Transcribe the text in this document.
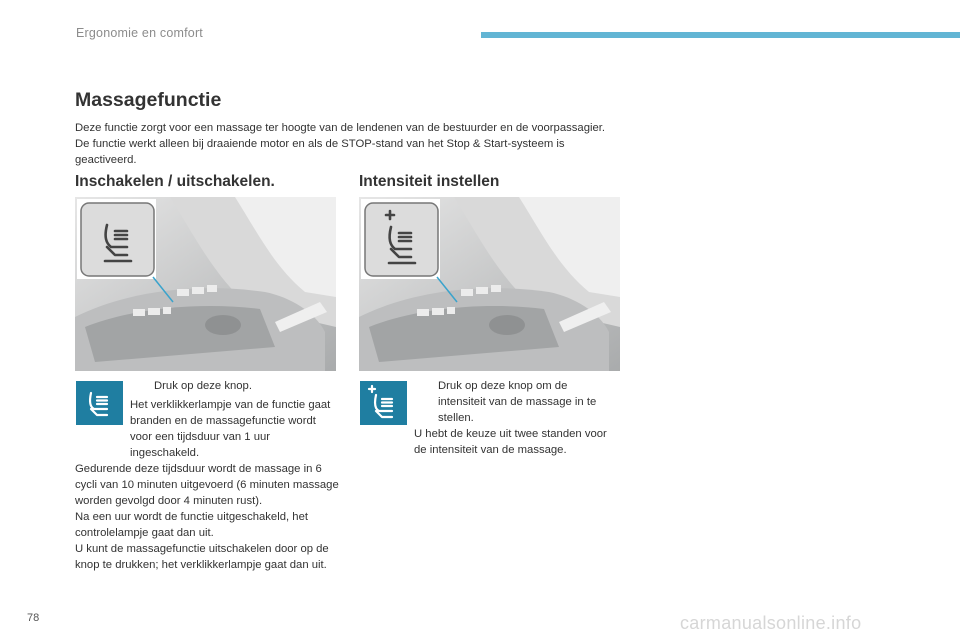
Ergonomie en comfort
Massagefunctie

Deze functie zorgt voor een massage ter hoogte van de lendenen van de bestuurder en de voorpassagier. De functie werkt alleen bij draaiende motor en als de STOP-stand van het Stop & Start-systeem is geactiveerd.

Inschakelen / uitschakelen.	Intensiteit instellen

Druk op deze knop.

Het verklikkerlampje van de functie gaat branden en de massagefunctie wordt voor een tijdsduur van 1 uur ingeschakeld.

Gedurende deze tijdsduur wordt de massage in 6 cycli van 10 minuten uitgevoerd (6 minuten massage worden gevolgd door 4 minuten rust).

Na een uur wordt de functie uitgeschakeld, het controlelampje gaat dan uit.

U kunt de massagefunctie uitschakelen door op de knop te drukken; het verklikkerlampje gaat dan uit.

Druk op deze knop om de intensiteit van de massage in te stellen.

U hebt de keuze uit twee standen voor de intensiteit van de massage.

78	carmanualsonline.info
